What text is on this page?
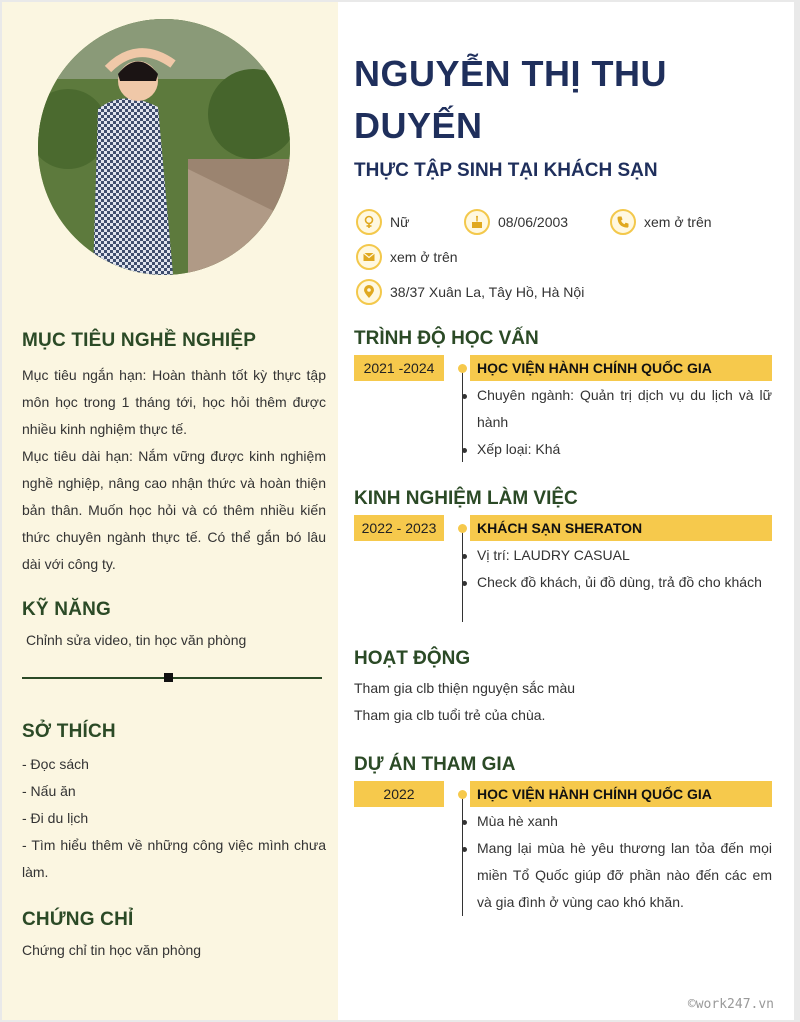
MỤC TIÊU NGHỀ NGHIỆP
Mục tiêu ngắn hạn: Hoàn thành tốt kỳ thực tập môn học trong 1 tháng tới, học hỏi thêm được nhiều kinh nghiệm thực tế.
Mục tiêu dài hạn: Nắm vững được kinh nghiệm nghề nghiệp, nâng cao nhận thức và hoàn thiện bản thân. Muốn học hỏi và có thêm nhiều kiến thức chuyên ngành thực tế. Có thể gắn bó lâu dài với công ty.
KỸ NĂNG
Chỉnh sửa video, tin học văn phòng
SỞ THÍCH
- Đọc sách
- Nấu ăn
- Đi du lịch
- Tìm hiểu thêm về những công việc mình chưa làm.
CHỨNG CHỈ
Chứng chỉ tin học văn phòng
NGUYỄN THỊ THU DUYẾN
THỰC TẬP SINH TẠI KHÁCH SẠN
Nữ	08/06/2003	xem ở trên
xem ở trên
38/37 Xuân La, Tây Hồ, Hà Nội
TRÌNH ĐỘ HỌC VẤN
2021 -2024	HỌC VIỆN HÀNH CHÍNH QUỐC GIA
Chuyên ngành: Quản trị dịch vụ du lịch và lữ hành
Xếp loại: Khá
KINH NGHIỆM LÀM VIỆC
2022 - 2023	KHÁCH SẠN SHERATON
Vị trí: LAUDRY CASUAL
Check đồ khách, ủi đồ dùng, trả đồ cho khách
HOẠT ĐỘNG
Tham gia clb thiện nguyện sắc màu
Tham gia clb tuổi trẻ của chùa.
DỰ ÁN THAM GIA
2022	HỌC VIỆN HÀNH CHÍNH QUỐC GIA
Mùa hè xanh
Mang lại mùa hè yêu thương lan tỏa đến mọi miền Tổ Quốc giúp đỡ phần nào đến các em và gia đình ở vùng cao khó khăn.
©work247.vn
